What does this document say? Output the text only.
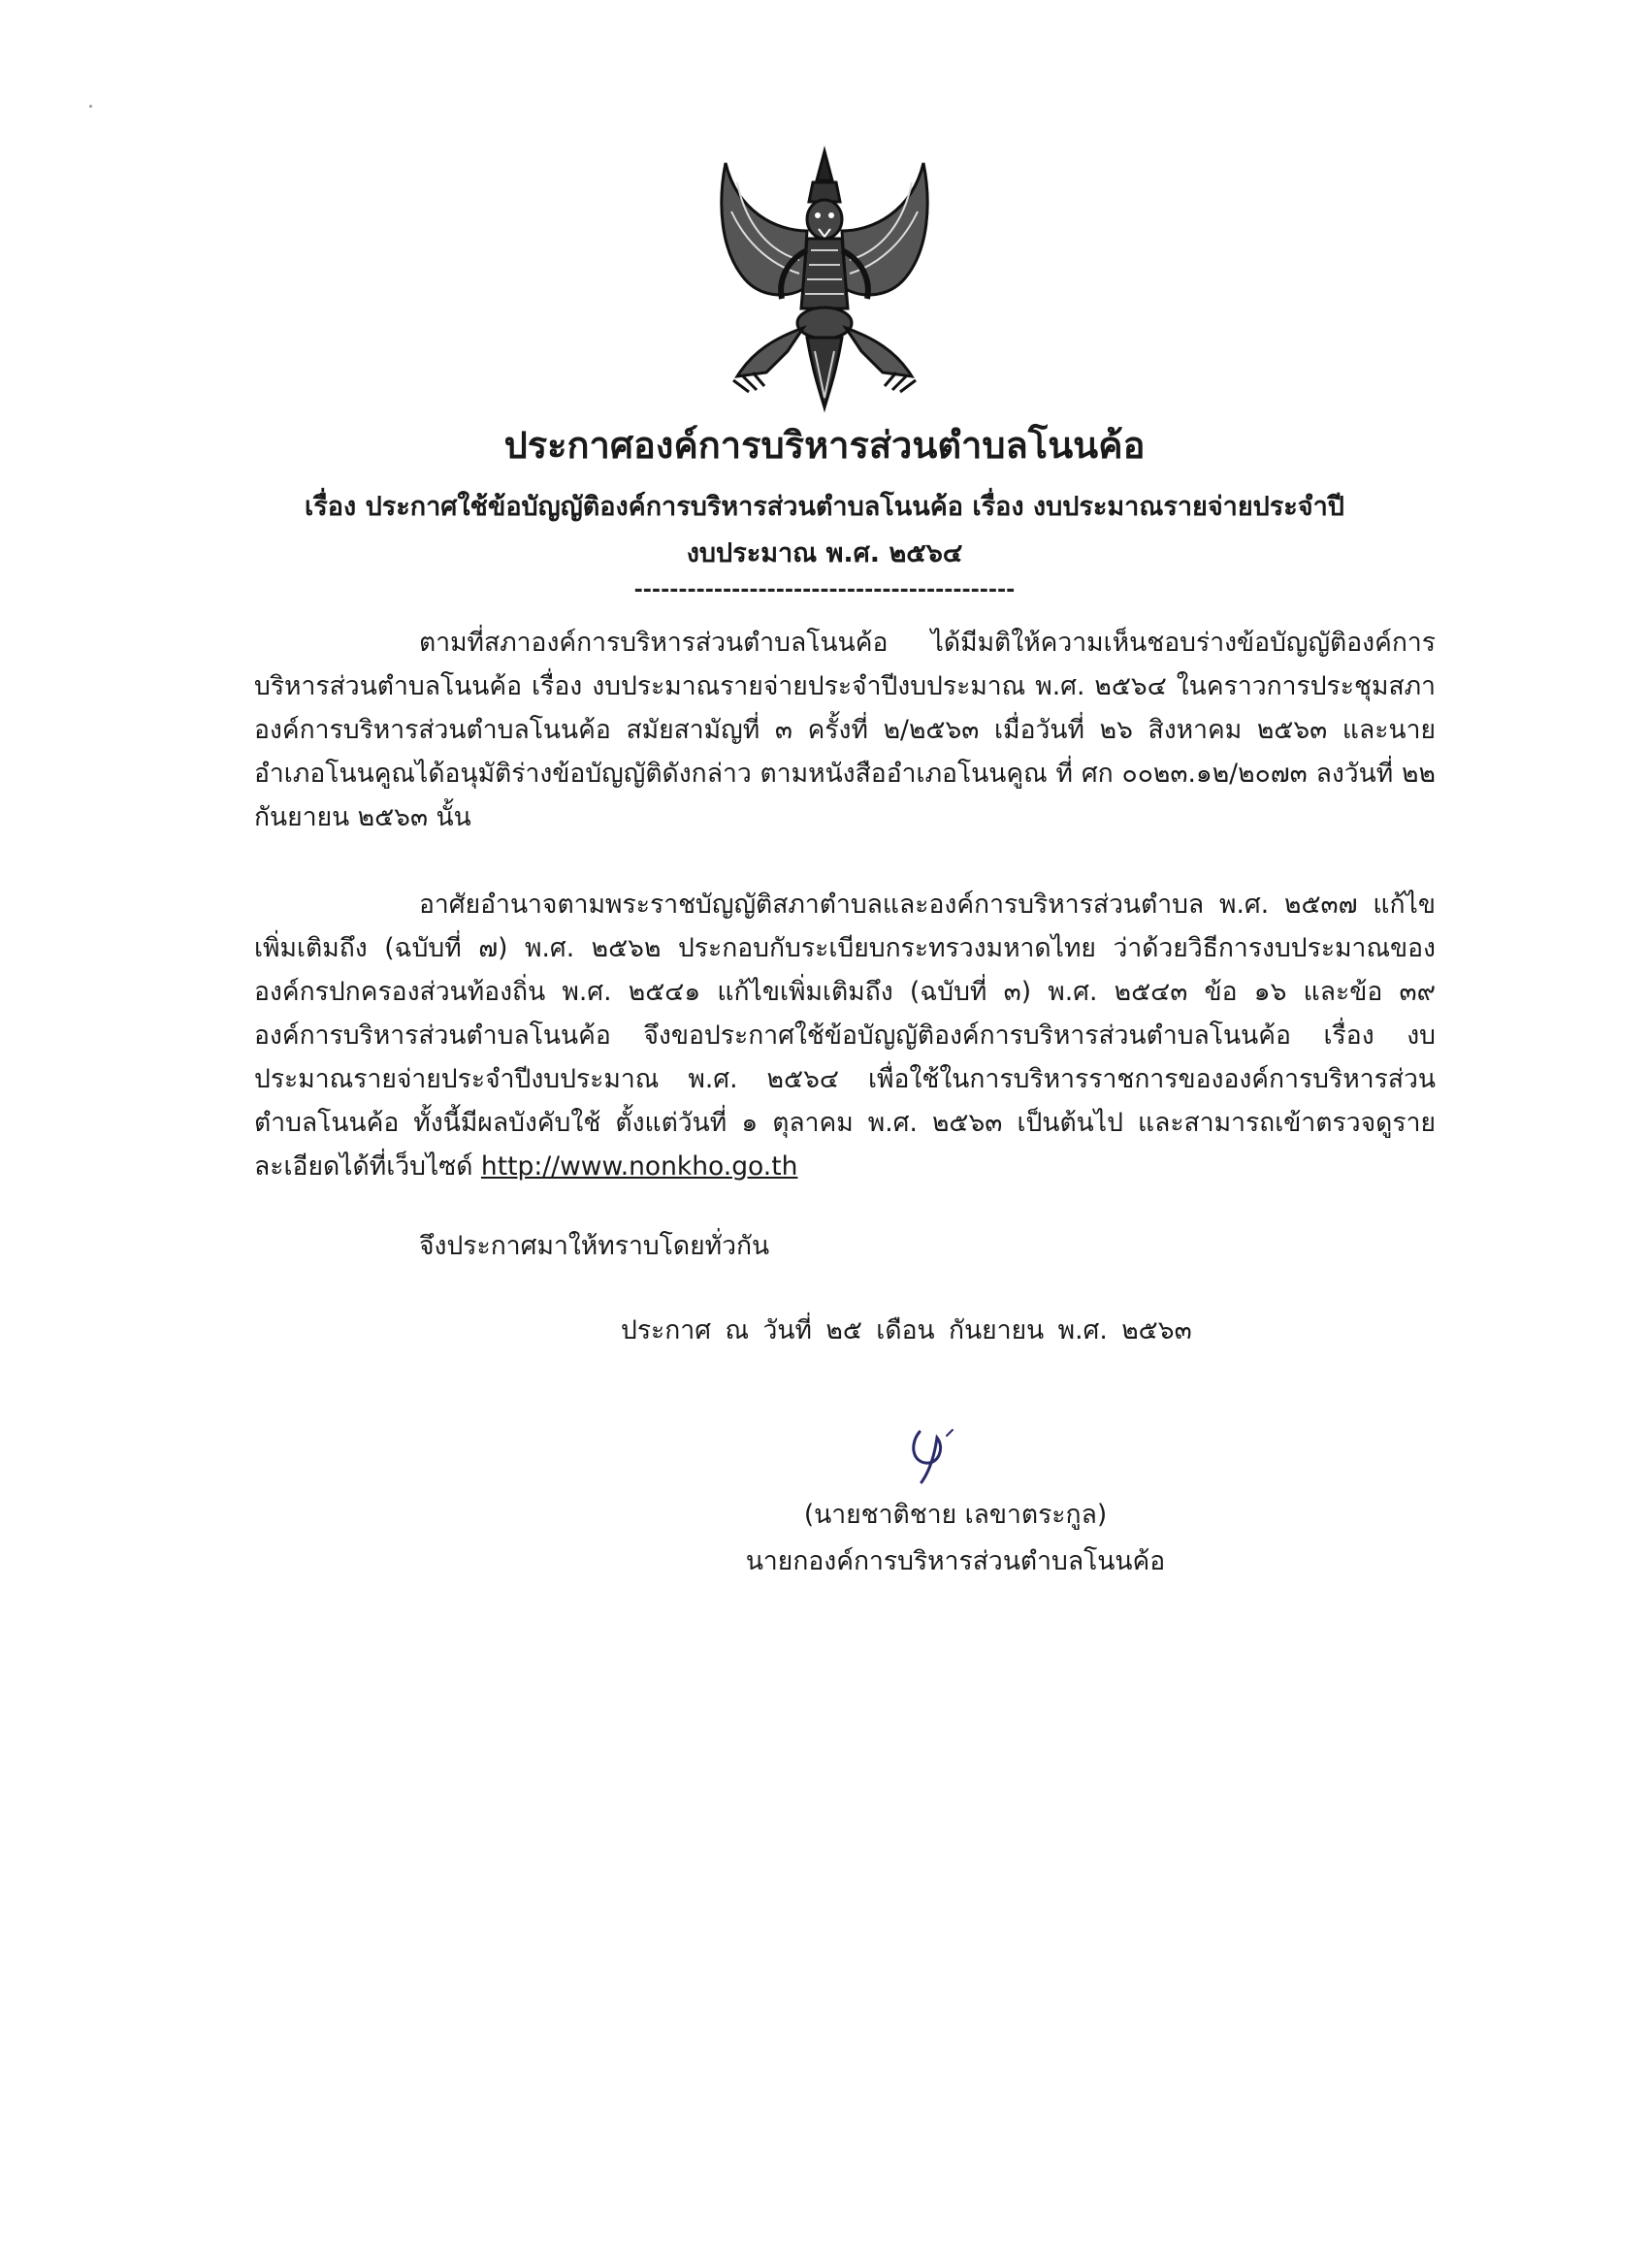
ประกาศองค์การบริหารส่วนตำบลโนนค้อ
เรื่อง ประกาศใช้ข้อบัญญัติองค์การบริหารส่วนตำบลโนนค้อ เรื่อง งบประมาณรายจ่ายประจำปี
งบประมาณ พ.ศ. ๒๕๖๔
-------------------------------------------
ตามที่สภาองค์การบริหารส่วนตำบลโนนค้อ ได้มีมติให้ความเห็นชอบร่างข้อบัญญัติองค์การบริหารส่วนตำบลโนนค้อ เรื่อง งบประมาณรายจ่ายประจำปีงบประมาณ พ.ศ. ๒๕๖๔ ในคราวการประชุมสภาองค์การบริหารส่วนตำบลโนนค้อ สมัยสามัญที่ ๓ ครั้งที่ ๒/๒๕๖๓ เมื่อวันที่ ๒๖ สิงหาคม ๒๕๖๓ และนายอำเภอโนนคูณได้อนุมัติร่างข้อบัญญัติดังกล่าว ตามหนังสืออำเภอโนนคูณ ที่ ศก ๐๐๒๓.๑๒/๒๐๗๓ ลงวันที่ ๒๒ กันยายน ๒๕๖๓ นั้น
อาศัยอำนาจตามพระราชบัญญัติสภาตำบลและองค์การบริหารส่วนตำบล พ.ศ. ๒๕๓๗ แก้ไขเพิ่มเติมถึง (ฉบับที่ ๗) พ.ศ. ๒๕๖๒ ประกอบกับระเบียบกระทรวงมหาดไทย ว่าด้วยวิธีการงบประมาณขององค์กรปกครองส่วนท้องถิ่น พ.ศ. ๒๕๔๑ แก้ไขเพิ่มเติมถึง (ฉบับที่ ๓) พ.ศ. ๒๕๔๓ ข้อ ๑๖ และข้อ ๓๙ องค์การบริหารส่วนตำบลโนนค้อ จึงขอประกาศใช้ข้อบัญญัติองค์การบริหารส่วนตำบลโนนค้อ เรื่อง งบประมาณรายจ่ายประจำปีงบประมาณ พ.ศ. ๒๕๖๔ เพื่อใช้ในการบริหารราชการขององค์การบริหารส่วนตำบลโนนค้อ ทั้งนี้มีผลบังคับใช้ ตั้งแต่วันที่ ๑ ตุลาคม พ.ศ. ๒๕๖๓ เป็นต้นไป และสามารถเข้าตรวจดูรายละเอียดได้ที่เว็บไซด์ http://www.nonkho.go.th
จึงประกาศมาให้ทราบโดยทั่วกัน
ประกาศ ณ วันที่ ๒๕ เดือน กันยายน พ.ศ. ๒๕๖๓
(นายชาติชาย เลขาตระกูล)
นายกองค์การบริหารส่วนตำบลโนนค้อ
